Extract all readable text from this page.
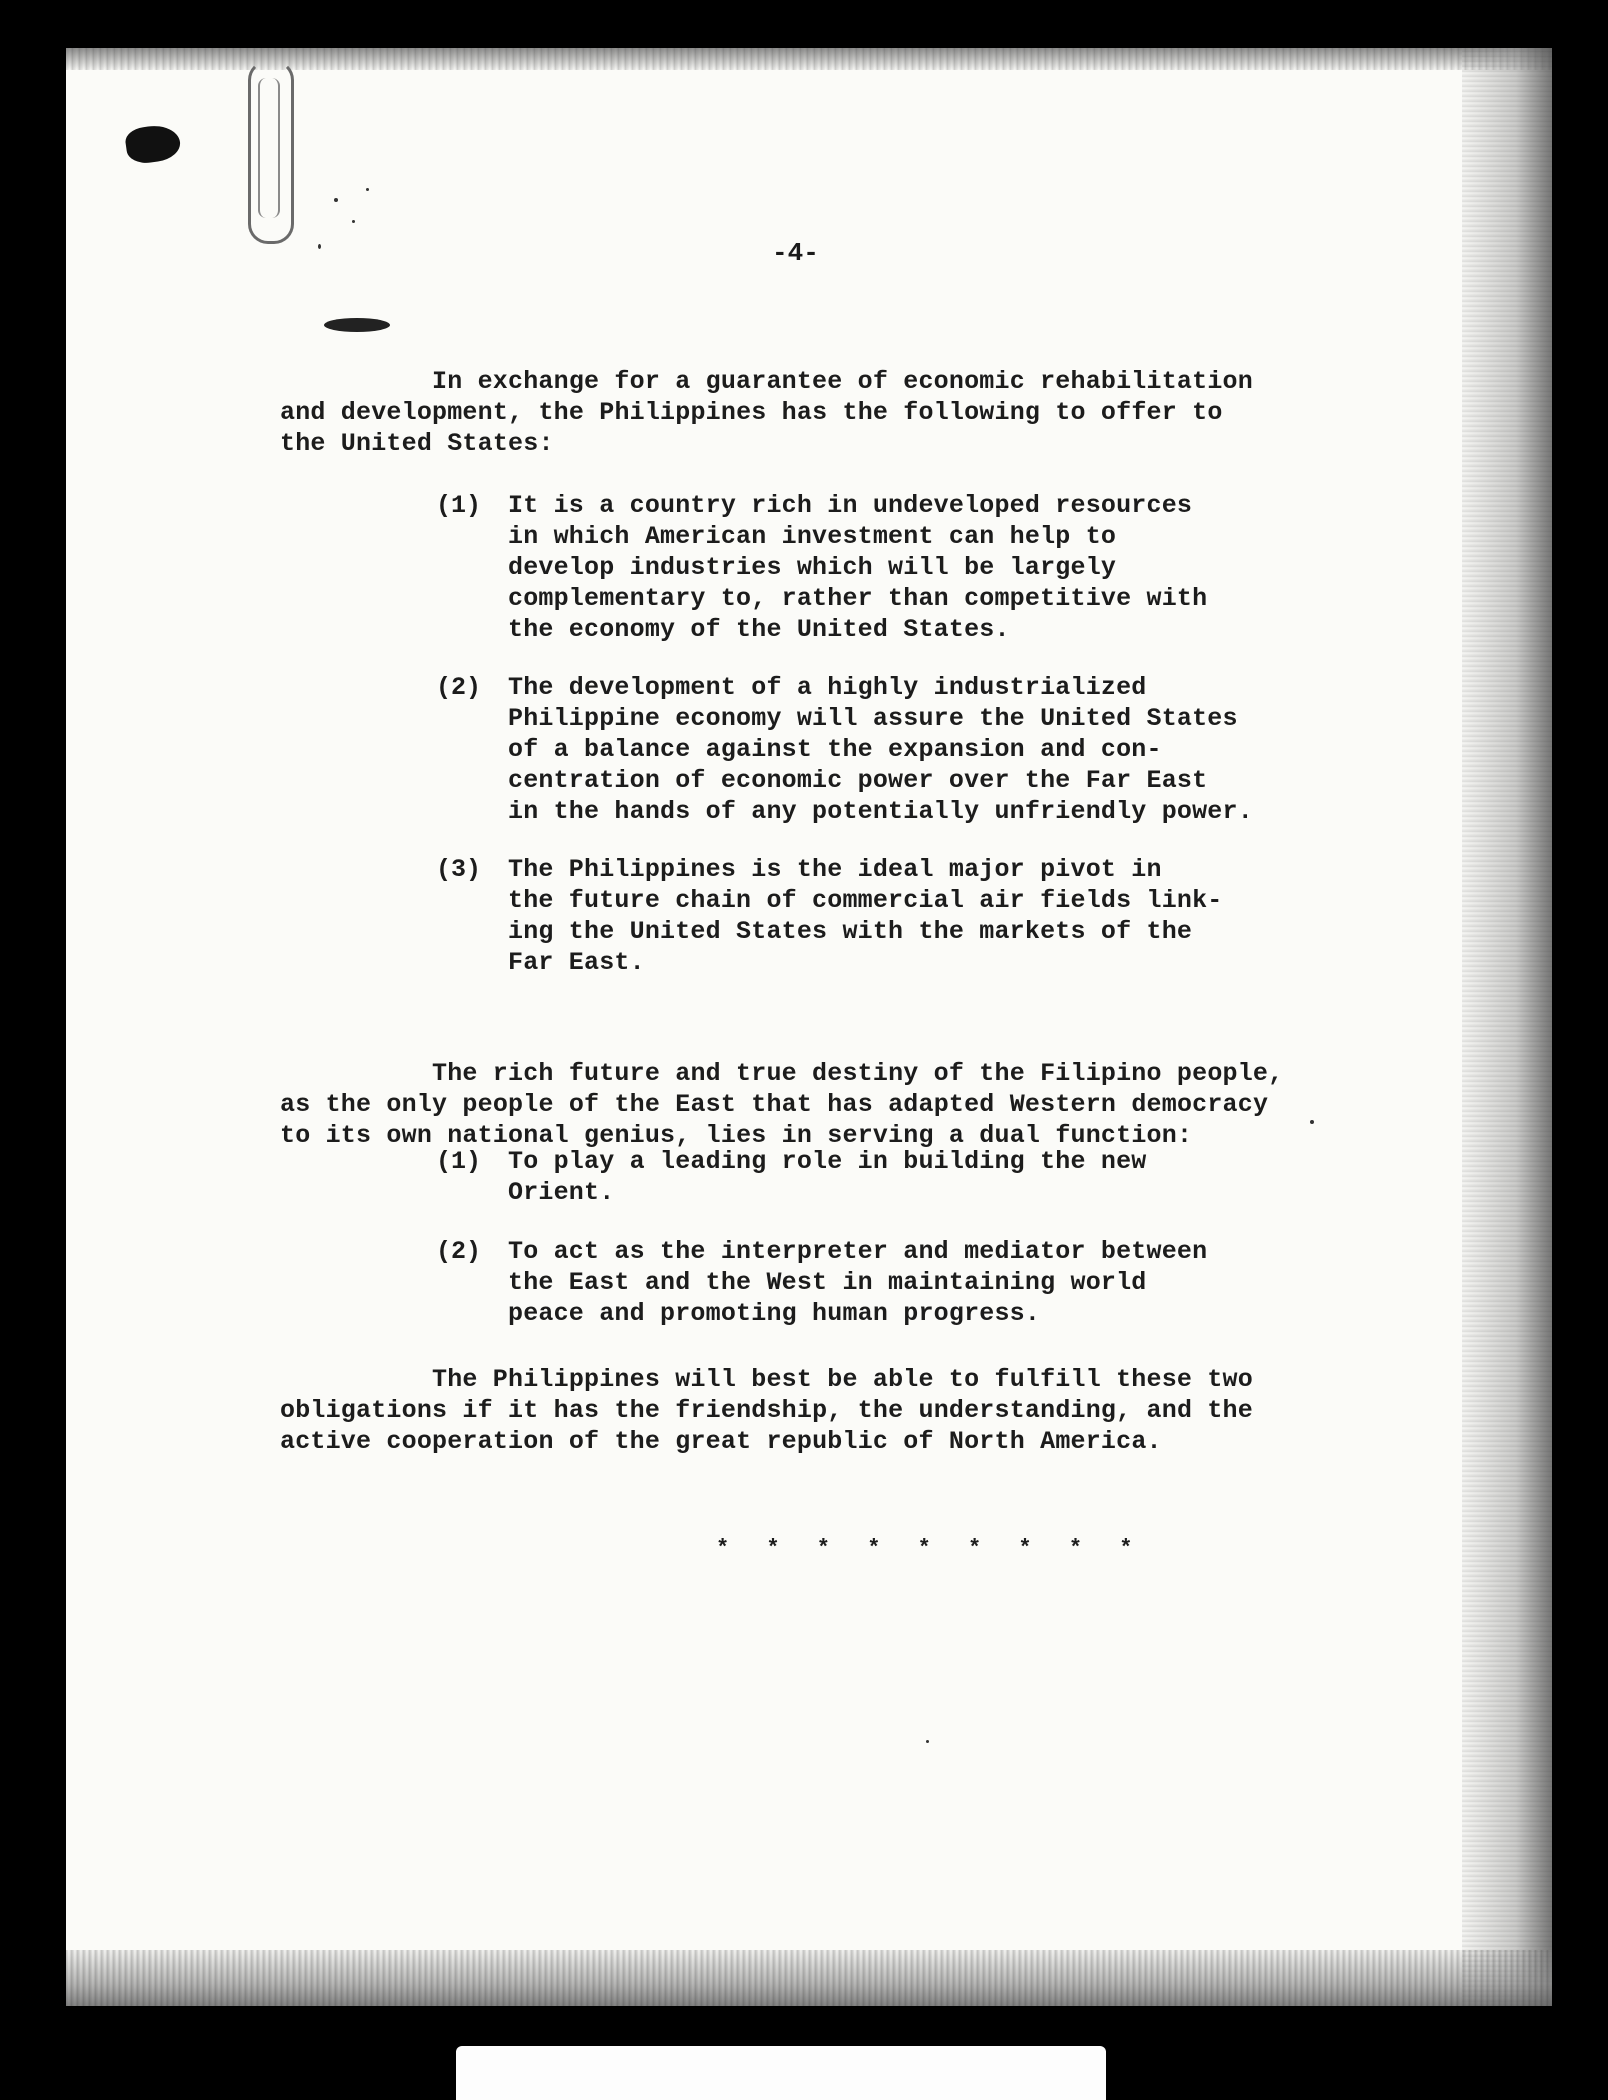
-4-
In exchange for a guarantee of economic rehabilitation
and development, the Philippines has the following to offer to
the United States:
(1) It is a country rich in undeveloped resources
in which American investment can help to
develop industries which will be largely
complementary to, rather than competitive with
the economy of the United States.
(2) The development of a highly industrialized
Philippine economy will assure the United States
of a balance against the expansion and con-
centration of economic power over the Far East
in the hands of any potentially unfriendly power.
(3) The Philippines is the ideal major pivot in
the future chain of commercial air fields link-
ing the United States with the markets of the
Far East.
The rich future and true destiny of the Filipino people,
as the only people of the East that has adapted Western democracy
to its own national genius, lies in serving a dual function:
(1) To play a leading role in building the new
Orient.
(2) To act as the interpreter and mediator between
the East and the West in maintaining world
peace and promoting human progress.
The Philippines will best be able to fulfill these two
obligations if it has the friendship, the understanding, and the
active cooperation of the great republic of North America.
* * * * * * * * *
